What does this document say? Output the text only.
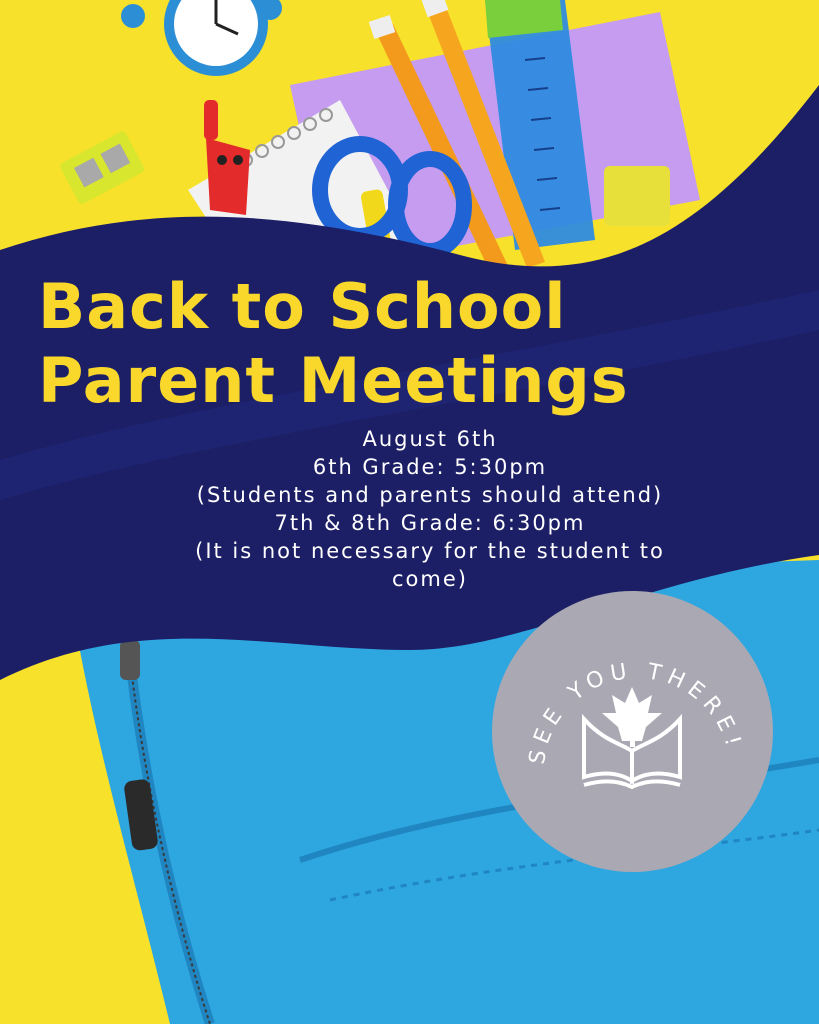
Back to School
Parent Meetings
August 6th
6th Grade: 5:30pm
(Students and parents should attend)
7th & 8th Grade: 6:30pm
(It is not necessary for the student to
come)
SEE YOU THERE!
